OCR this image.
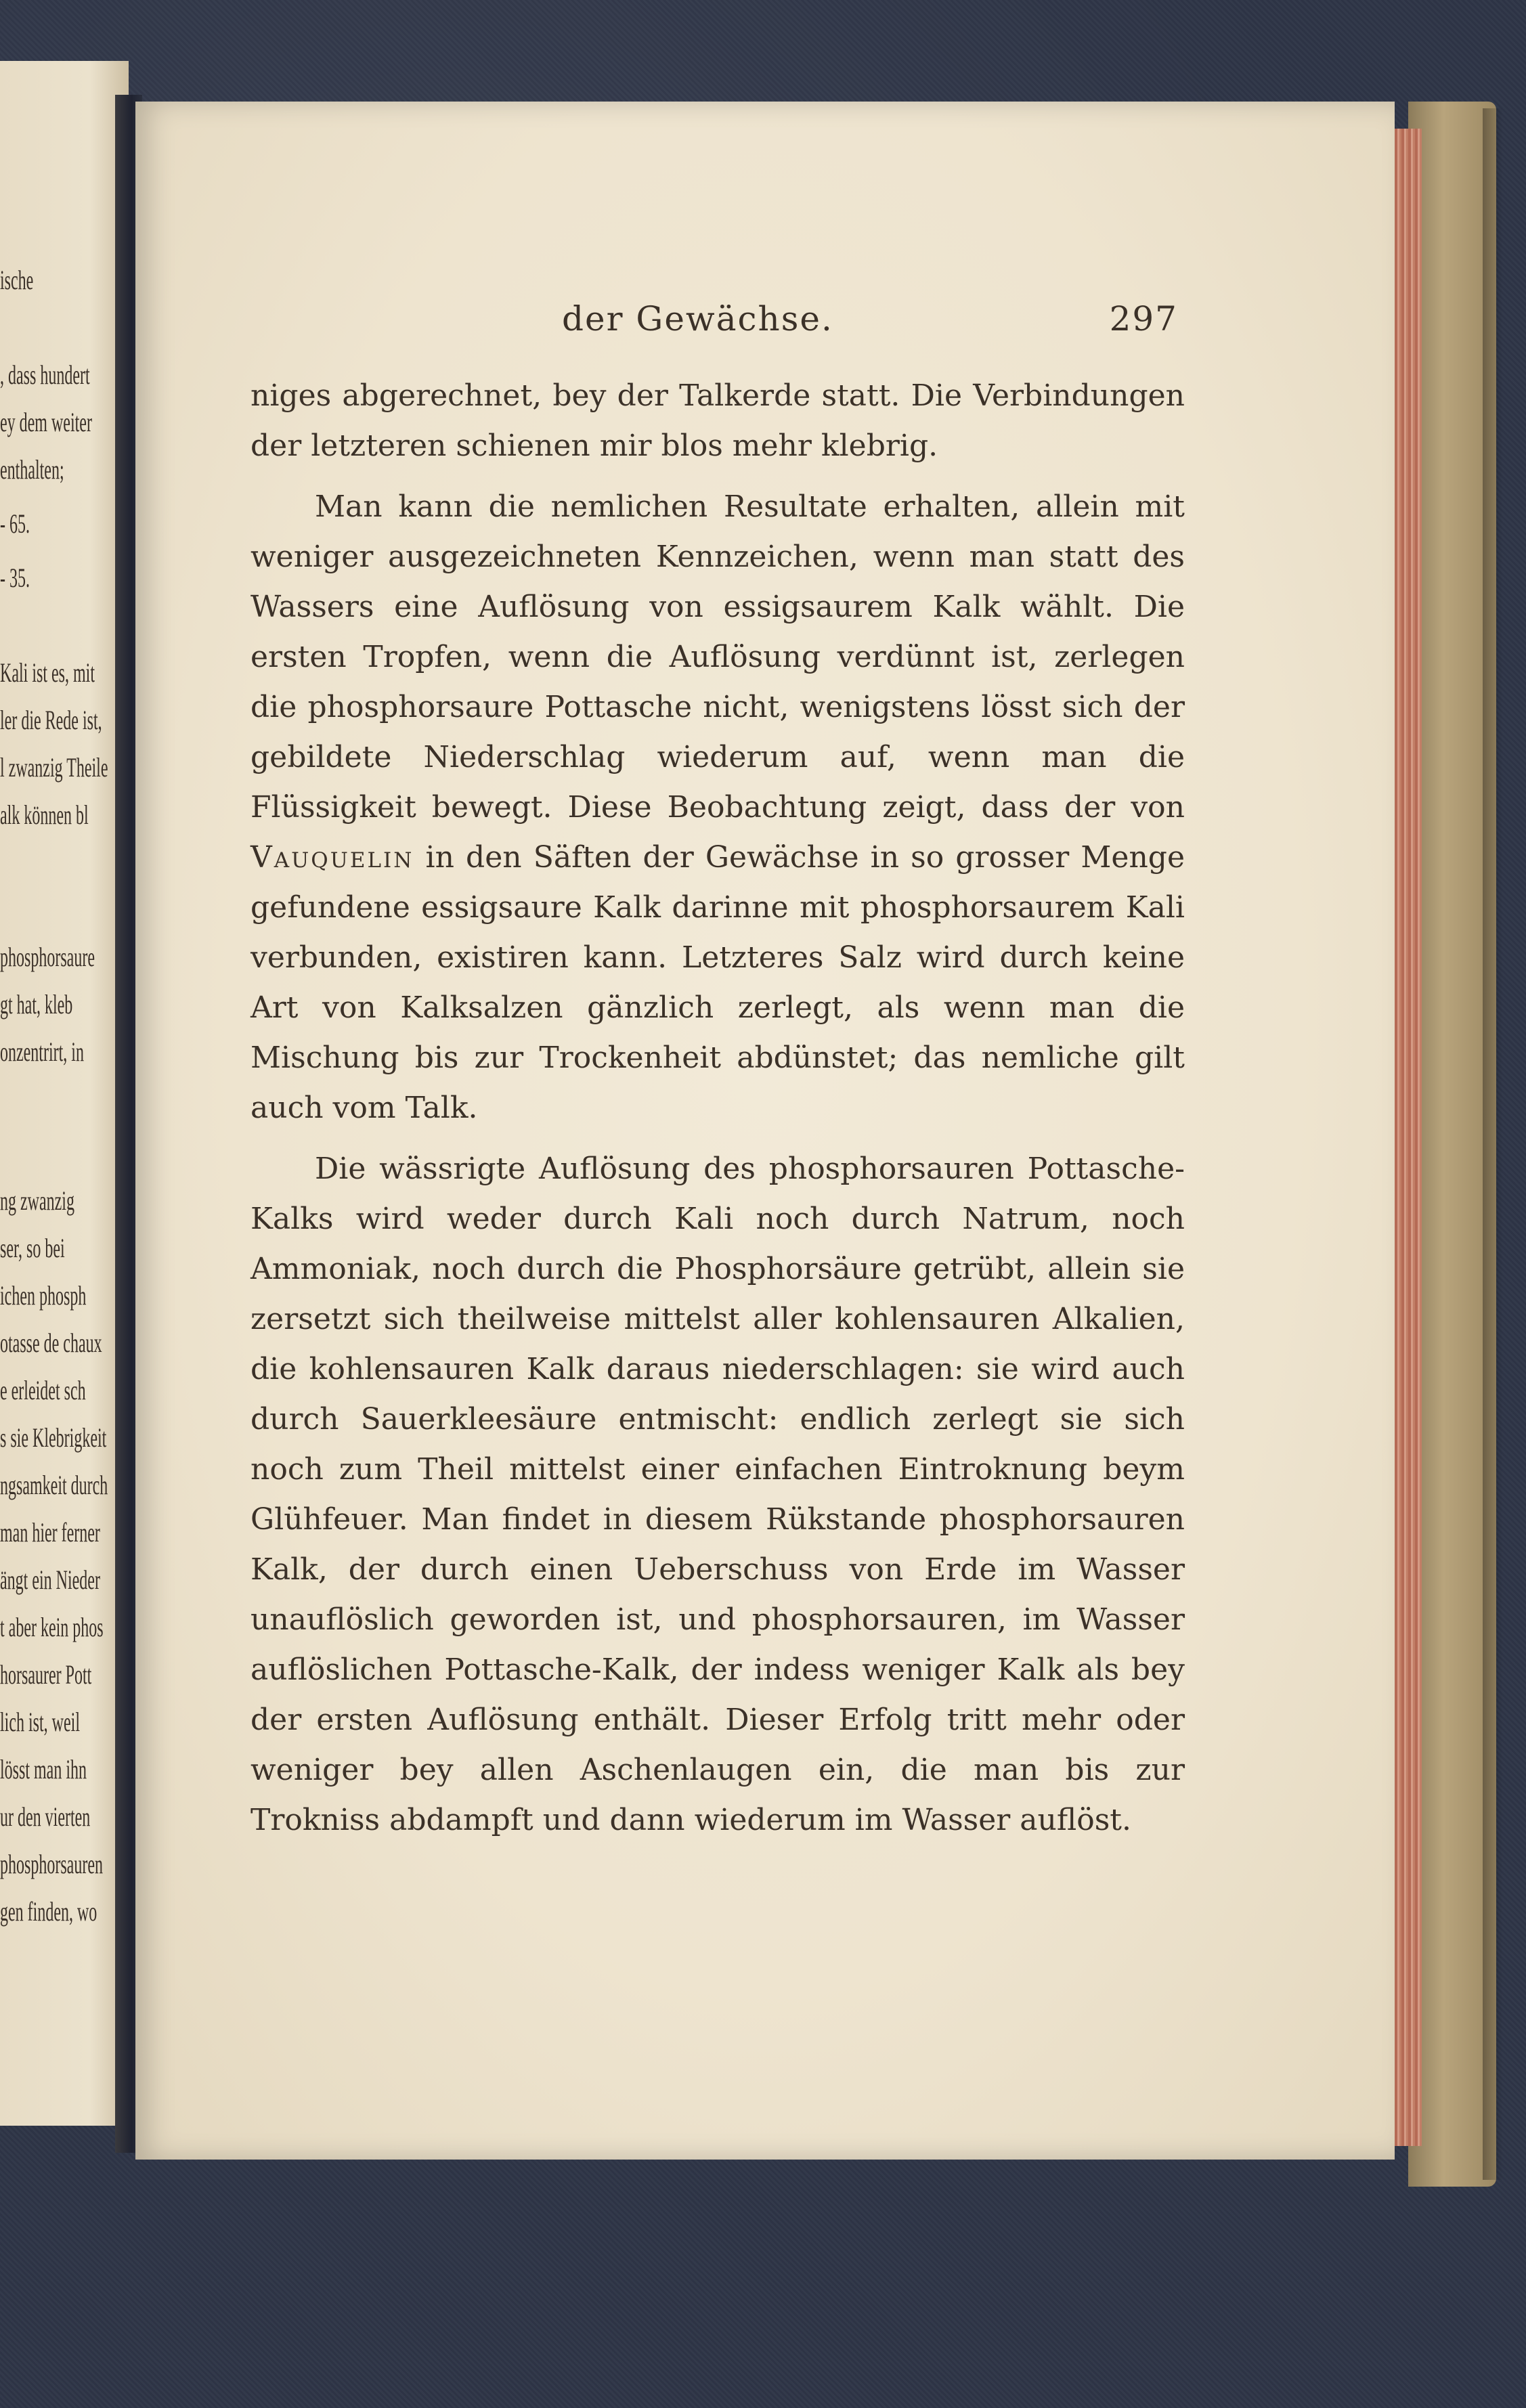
ische
, dass hundert
ey dem weiter
enthalten;
- 65.
- 35.
Kali ist es, mit
ler die Rede ist,
l zwanzig Theile
alk können bl
phosphorsaure
gt hat, kleb
onzentrirt, in
ng zwanzig
ser, so bei
ichen phosph
otasse de chaux
e erleidet sch
s sie Klebrigkeit
ngsamkeit durch
man hier ferner
ängt ein Nieder
t aber kein phos
horsaurer Pott
lich ist, weil
lösst man ihn
ur den vierten
phosphorsauren
gen finden, wo
der Gewächse.	297

niges abgerechnet, bey der Talkerde statt. Die Verbindungen der letzteren schienen mir blos mehr klebrig.

Man kann die nemlichen Resultate erhalten, allein mit weniger ausgezeichneten Kennzeichen, wenn man statt des Wassers eine Auflösung von essigsaurem Kalk wählt. Die ersten Tropfen, wenn die Auflösung verdünnt ist, zerlegen die phosphorsaure Pottasche nicht, wenigstens lösst sich der gebildete Niederschlag wiederum auf, wenn man die Flüssigkeit bewegt. Diese Beobachtung zeigt, dass der von Vauquelin in den Säften der Gewächse in so grosser Menge gefundene essigsaure Kalk darinne mit phosphorsaurem Kali verbunden, existiren kann. Letzteres Salz wird durch keine Art von Kalksalzen gänzlich zerlegt, als wenn man die Mischung bis zur Trockenheit abdünstet; das nemliche gilt auch vom Talk.

Die wässrigte Auflösung des phosphorsauren Pottasche-Kalks wird weder durch Kali noch durch Natrum, noch Ammoniak, noch durch die Phosphorsäure getrübt, allein sie zersetzt sich theilweise mittelst aller kohlensauren Alkalien, die kohlensauren Kalk daraus niederschlagen: sie wird auch durch Sauerkleesäure entmischt: endlich zerlegt sie sich noch zum Theil mittelst einer einfachen Eintroknung beym Glühfeuer. Man findet in diesem Rükstande phosphorsauren Kalk, der durch einen Ueberschuss von Erde im Wasser unauflöslich geworden ist, und phosphorsauren, im Wasser auflöslichen Pottasche-Kalk, der indess weniger Kalk als bey der ersten Auflösung enthält. Dieser Erfolg tritt mehr oder weniger bey allen Aschenlaugen ein, die man bis zur Trokniss abdampft und dann wiederum im Wasser auflöst.
